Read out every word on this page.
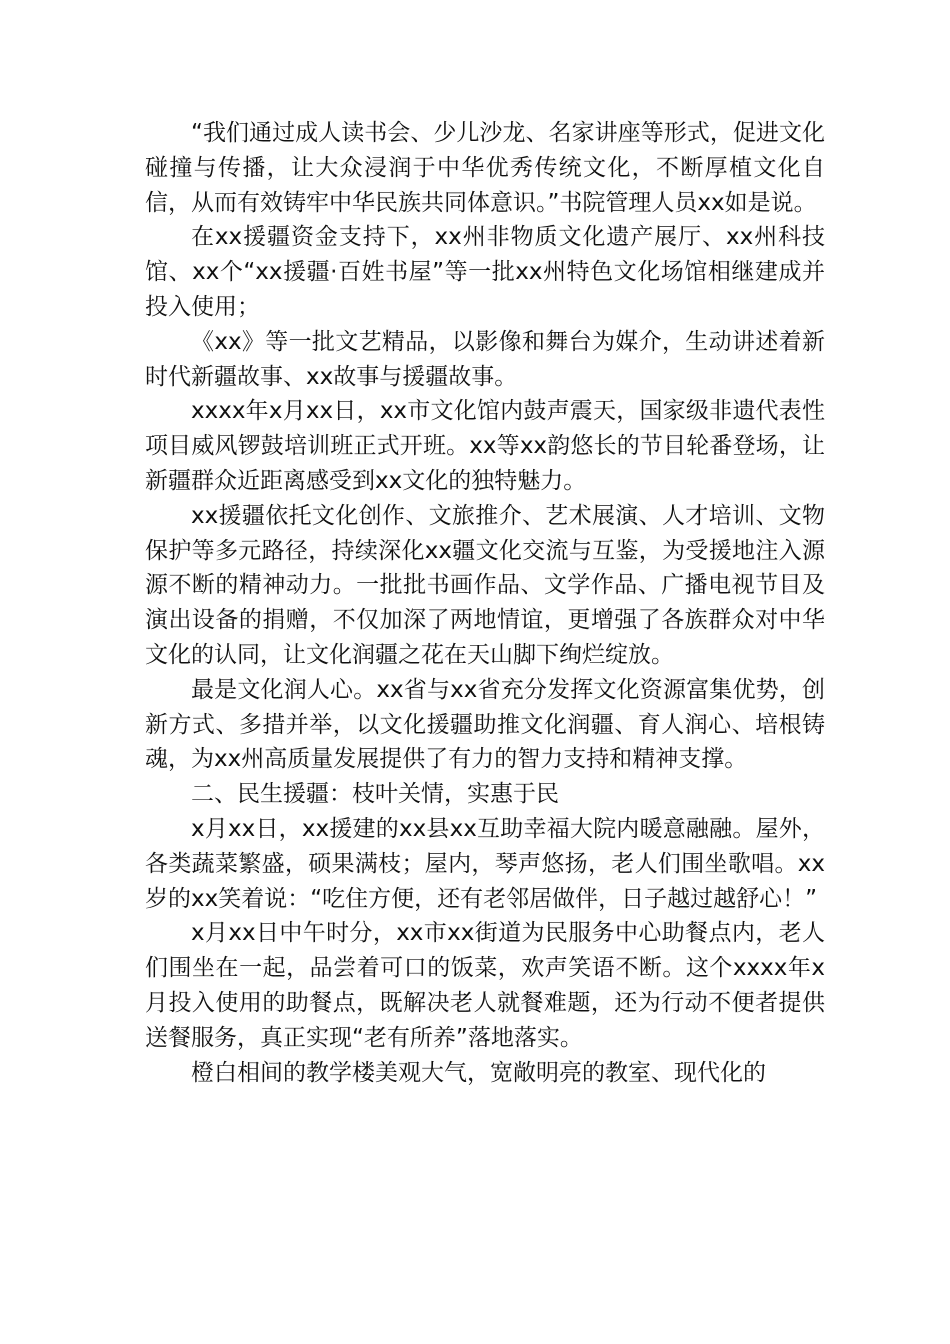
“我们通过成人读书会、少儿沙龙、名家讲座等形式，促进文化碰撞与传播，让大众浸润于中华优秀传统文化，不断厚植文化自信，从而有效铸牢中华民族共同体意识。”书院管理人员xx如是说。

在xx援疆资金支持下，xx州非物质文化遗产展厅、xx州科技馆、xx个“xx援疆·百姓书屋”等一批xx州特色文化场馆相继建成并投入使用；

《xx》等一批文艺精品，以影像和舞台为媒介，生动讲述着新时代新疆故事、xx故事与援疆故事。

xxxx年x月xx日，xx市文化馆内鼓声震天，国家级非遗代表性项目威风锣鼓培训班正式开班。xx等xx韵悠长的节目轮番登场，让新疆群众近距离感受到xx文化的独特魅力。

xx援疆依托文化创作、文旅推介、艺术展演、人才培训、文物保护等多元路径，持续深化xx疆文化交流与互鉴，为受援地注入源源不断的精神动力。一批批书画作品、文学作品、广播电视节目及演出设备的捐赠，不仅加深了两地情谊，更增强了各族群众对中华文化的认同，让文化润疆之花在天山脚下绚烂绽放。

最是文化润人心。xx省与xx省充分发挥文化资源富集优势，创新方式、多措并举，以文化援疆助推文化润疆、育人润心、培根铸魂，为xx州高质量发展提供了有力的智力支持和精神支撑。

二、民生援疆：枝叶关情，实惠于民

x月xx日，xx援建的xx县xx互助幸福大院内暖意融融。屋外，各类蔬菜繁盛，硕果满枝；屋内，琴声悠扬，老人们围坐歌唱。xx岁的xx笑着说：“吃住方便，还有老邻居做伴，日子越过越舒心！”

x月xx日中午时分，xx市xx街道为民服务中心助餐点内，老人们围坐在一起，品尝着可口的饭菜，欢声笑语不断。这个xxxx年x月投入使用的助餐点，既解决老人就餐难题，还为行动不便者提供送餐服务，真正实现“老有所养”落地落实。

橙白相间的教学楼美观大气，宽敞明亮的教室、现代化的
